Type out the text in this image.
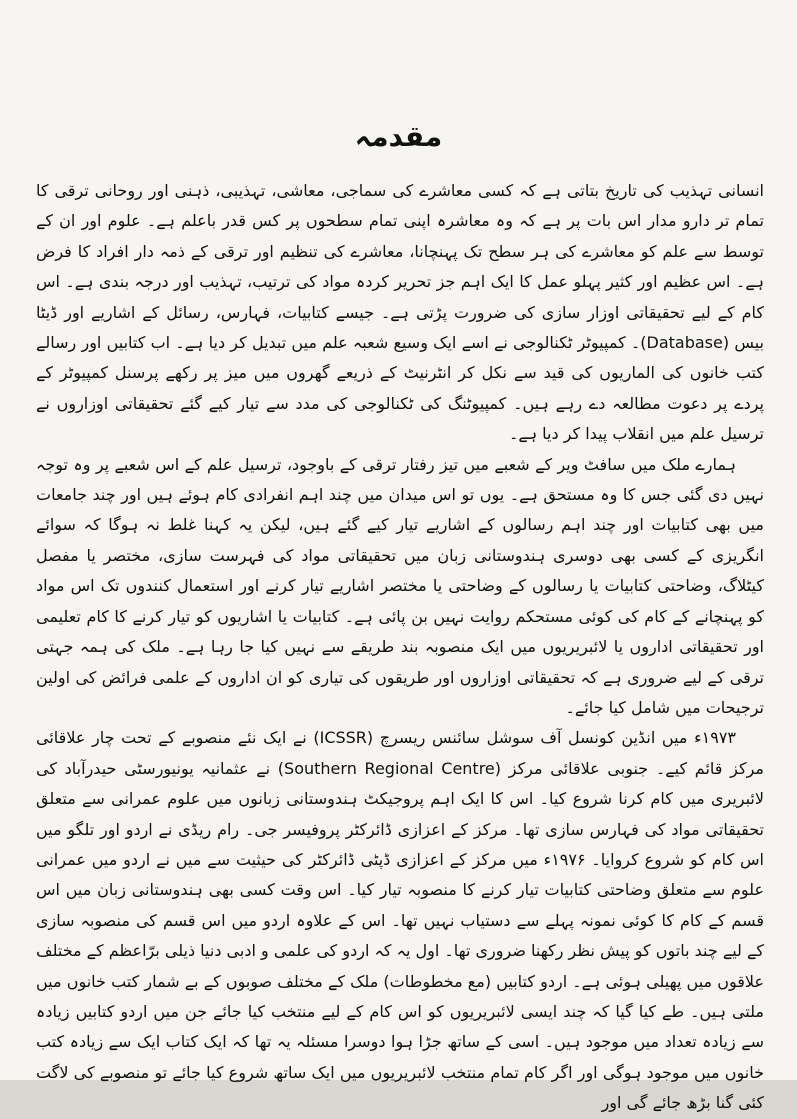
مقدمہ

انسانی تہذیب کی تاریخ بتاتی ہے کہ کسی معاشرے کی سماجی، معاشی، تہذیبی، ذہنی اور روحانی ترقی کا تمام تر دارو مدار اس بات پر ہے کہ وہ معاشرہ اپنی تمام سطحوں پر کس قدر باعلم ہے۔ علوم اور ان کے توسط سے علم کو معاشرے کی ہر سطح تک پہنچانا، معاشرے کی تنظیم اور ترقی کے ذمہ دار افراد کا فرض ہے۔ اس عظیم اور کثیر پہلو عمل کا ایک اہم جز تحریر کردہ مواد کی ترتیب، تہذیب اور درجہ بندی ہے۔ اس کام کے لیے تحقیقاتی اوزار سازی کی ضرورت پڑتی ہے۔ جیسے کتابیات، فہارس، رسائل کے اشاریے اور ڈیٹا بیس (Database)۔ کمپیوٹر ٹکنالوجی نے اسے ایک وسیع شعبہ علم میں تبدیل کر دیا ہے۔ اب کتابیں اور رسالے کتب خانوں کی الماریوں کی قید سے نکل کر انٹرنیٹ کے ذریعے گھروں میں میز پر رکھے پرسنل کمپیوٹر کے پردے پر دعوت مطالعہ دے رہے ہیں۔ کمپیوٹنگ کی ٹکنالوجی کی مدد سے تیار کیے گئے تحقیقاتی اوزاروں نے ترسیل علم میں انقلاب پیدا کر دیا ہے۔

ہمارے ملک میں سافٹ ویر کے شعبے میں تیز رفتار ترقی کے باوجود، ترسیل علم کے اس شعبے پر وہ توجہ نہیں دی گئی جس کا وہ مستحق ہے۔ یوں تو اس میدان میں چند اہم انفرادی کام ہوئے ہیں اور چند جامعات میں بھی کتابیات اور چند اہم رسالوں کے اشاریے تیار کیے گئے ہیں، لیکن یہ کہنا غلط نہ ہوگا کہ سوائے انگریزی کے کسی بھی دوسری ہندوستانی زبان میں تحقیقاتی مواد کی فہرست سازی، مختصر یا مفصل کیٹلاگ، وضاحتی کتابیات یا رسالوں کے وضاحتی یا مختصر اشاریے تیار کرنے اور استعمال کنندوں تک اس مواد کو پہنچانے کے کام کی کوئی مستحکم روایت نہیں بن پائی ہے۔ کتابیات یا اشاریوں کو تیار کرنے کا کام تعلیمی اور تحقیقاتی اداروں یا لائبریریوں میں ایک منصوبہ بند طریقے سے نہیں کیا جا رہا ہے۔ ملک کی ہمہ جہتی ترقی کے لیے ضروری ہے کہ تحقیقاتی اوزاروں اور طریقوں کی تیاری کو ان اداروں کے علمی فرائض کی اولین ترجیحات میں شامل کیا جائے۔

۱۹۷۳ء میں انڈین کونسل آف سوشل سائنس ریسرچ (ICSSR) نے ایک نئے منصوبے کے تحت چار علاقائی مرکز قائم کیے۔ جنوبی علاقائی مرکز (Southern Regional Centre) نے عثمانیہ یونیورسٹی حیدرآباد کی لائبریری میں کام کرنا شروع کیا۔ اس کا ایک اہم پروجیکٹ ہندوستانی زبانوں میں علوم عمرانی سے متعلق تحقیقاتی مواد کی فہارس سازی تھا۔ مرکز کے اعزازی ڈائرکٹر پروفیسر جی۔ رام ریڈی نے اردو اور تلگو میں اس کام کو شروع کروایا۔ ۱۹۷۶ء میں مرکز کے اعزازی ڈپٹی ڈائرکٹر کی حیثیت سے میں نے اردو میں عمرانی علوم سے متعلق وضاحتی کتابیات تیار کرنے کا منصوبہ تیار کیا۔ اس وقت کسی بھی ہندوستانی زبان میں اس قسم کے کام کا کوئی نمونہ پہلے سے دستیاب نہیں تھا۔ اس کے علاوہ اردو میں اس قسم کی منصوبہ سازی کے لیے چند باتوں کو پیش نظر رکھنا ضروری تھا۔ اول یہ کہ اردو کی علمی و ادبی دنیا ذیلی برّاعظم کے مختلف علاقوں میں پھیلی ہوئی ہے۔ اردو کتابیں (مع مخطوطات) ملک کے مختلف صوبوں کے بے شمار کتب خانوں میں ملتی ہیں۔ طے کیا گیا کہ چند ایسی لائبریریوں کو اس کام کے لیے منتخب کیا جائے جن میں اردو کتابیں زیادہ سے زیادہ تعداد میں موجود ہیں۔ اسی کے ساتھ جڑا ہوا دوسرا مسئلہ یہ تھا کہ ایک کتاب ایک سے زیادہ کتب خانوں میں موجود ہوگی اور اگر کام تمام منتخب لائبریریوں میں ایک ساتھ شروع کیا جائے تو منصوبے کی لاگت کئی گنا بڑھ جائے گی اور
